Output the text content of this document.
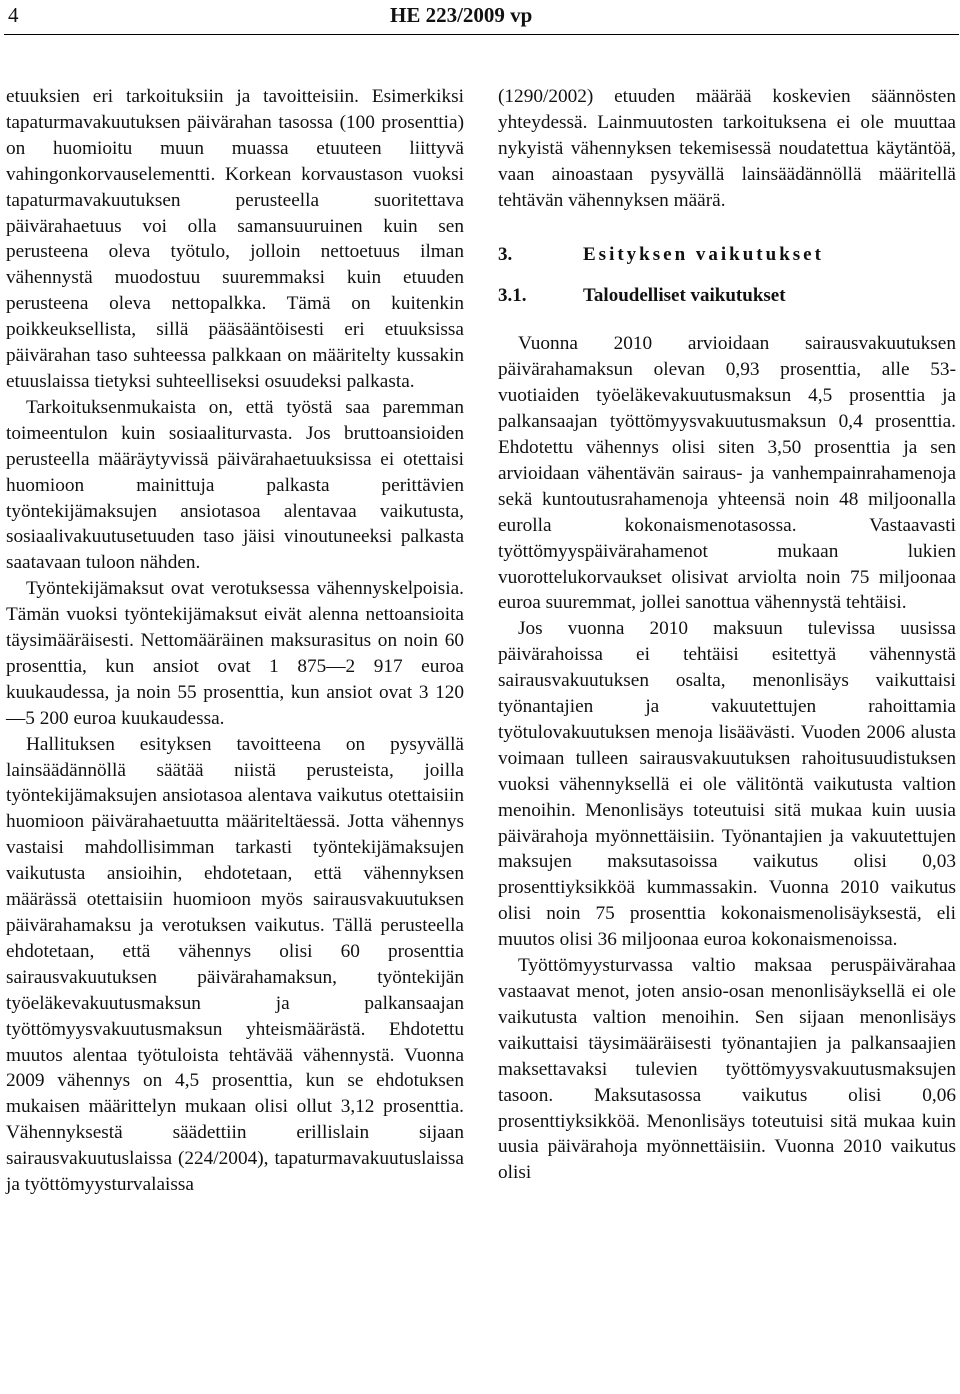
4	HE 223/2009 vp

etuuksien eri tarkoituksiin ja tavoitteisiin. Esimerkiksi tapaturmavakuutuksen päivärahan tasossa (100 prosenttia) on huomioitu muun muassa etuuteen liittyvä vahingonkorvauselementti. Korkean korvaustason vuoksi tapaturmavakuutuksen perusteella suoritettava päivärahaetuus voi olla samansuuruinen kuin sen perusteena oleva työtulo, jolloin nettoetuus ilman vähennystä muodostuu suuremmaksi kuin etuuden perusteena oleva nettopalkka. Tämä on kuitenkin poikkeuksellista, sillä pääsääntöisesti eri etuuksissa päivärahan taso suhteessa palkkaan on määritelty kussakin etuuslaissa tietyksi suhteelliseksi osuudeksi palkasta.

Tarkoituksenmukaista on, että työstä saa paremman toimeentulon kuin sosiaaliturvasta. Jos bruttoansioiden perusteella määräytyvissä päivärahaetuuksissa ei otettaisi huomioon mainittuja palkasta perittävien työntekijämaksujen ansiotasoa alentavaa vaikutusta, sosiaalivakuutusetuuden taso jäisi vinoutuneeksi palkasta saatavaan tuloon nähden.

Työntekijämaksut ovat verotuksessa vähennyskelpoisia. Tämän vuoksi työntekijämaksut eivät alenna nettoansioita täysimääräisesti. Nettomääräinen maksurasitus on noin 60 prosenttia, kun ansiot ovat 1 875—2 917 euroa kuukaudessa, ja noin 55 prosenttia, kun ansiot ovat 3 120—5 200 euroa kuukaudessa.

Hallituksen esityksen tavoitteena on pysyvällä lainsäädännöllä säätää niistä perusteista, joilla työntekijämaksujen ansiotasoa alentava vaikutus otettaisiin huomioon päivärahaetuutta määriteltäessä. Jotta vähennys vastaisi mahdollisimman tarkasti työntekijämaksujen vaikutusta ansioihin, ehdotetaan, että vähennyksen määrässä otettaisiin huomioon myös sairausvakuutuksen päivärahamaksu ja verotuksen vaikutus. Tällä perusteella ehdotetaan, että vähennys olisi 60 prosenttia sairausvakuutuksen päivärahamaksun, työntekijän työeläkevakuutusmaksun ja palkansaajan työttömyysvakuutusmaksun yhteismäärästä. Ehdotettu muutos alentaa työtuloista tehtävää vähennystä. Vuonna 2009 vähennys on 4,5 prosenttia, kun se ehdotuksen mukaisen määrittelyn mukaan olisi ollut 3,12 prosenttia. Vähennyksestä säädettiin erillislain sijaan sairausvakuutuslaissa (224/2004), tapaturmavakuutuslaissa ja työttömyysturvalaissa

(1290/2002) etuuden määrää koskevien säännösten yhteydessä. Lainmuutosten tarkoituksena ei ole muuttaa nykyistä vähennyksen tekemisessä noudatettua käytäntöä, vaan ainoastaan pysyvällä lainsäädännöllä määritellä tehtävän vähennyksen määrä.

3.	Esityksen vaikutukset
3.1.	Taloudelliset vaikutukset

Vuonna 2010 arvioidaan sairausvakuutuksen päivärahamaksun olevan 0,93 prosenttia, alle 53-vuotiaiden työeläkevakuutusmaksun 4,5 prosenttia ja palkansaajan työttömyysvakuutusmaksun 0,4 prosenttia. Ehdotettu vähennys olisi siten 3,50 prosenttia ja sen arvioidaan vähentävän sairaus- ja vanhempainrahamenoja sekä kuntoutusrahamenoja yhteensä noin 48 miljoonalla eurolla kokonaismenotasossa. Vastaavasti työttömyyspäivärahamenot mukaan lukien vuorottelukorvaukset olisivat arviolta noin 75 miljoonaa euroa suuremmat, jollei sanottua vähennystä tehtäisi.

Jos vuonna 2010 maksuun tulevissa uusissa päivärahoissa ei tehtäisi esitettyä vähennystä sairausvakuutuksen osalta, menonlisäys vaikuttaisi työnantajien ja vakuutettujen rahoittamia työtulovakuutuksen menoja lisäävästi. Vuoden 2006 alusta voimaan tulleen sairausvakuutuksen rahoitusuudistuksen vuoksi vähennyksellä ei ole välitöntä vaikutusta valtion menoihin. Menonlisäys toteutuisi sitä mukaa kuin uusia päivärahoja myönnettäisiin. Työnantajien ja vakuutettujen maksujen maksutasoissa vaikutus olisi 0,03 prosenttiyksikköä kummassakin. Vuonna 2010 vaikutus olisi noin 75 prosenttia kokonaismenolisäyksestä, eli muutos olisi 36 miljoonaa euroa kokonaismenoissa.

Työttömyysturvassa valtio maksaa peruspäivärahaa vastaavat menot, joten ansio-osan menonlisäyksellä ei ole vaikutusta valtion menoihin. Sen sijaan menonlisäys vaikuttaisi täysimääräisesti työnantajien ja palkansaajien maksettavaksi tulevien työttömyysvakuutusmaksujen tasoon. Maksutasossa vaikutus olisi 0,06 prosenttiyksikköä. Menonlisäys toteutuisi sitä mukaa kuin uusia päivärahoja myönnettäisiin. Vuonna 2010 vaikutus olisi
